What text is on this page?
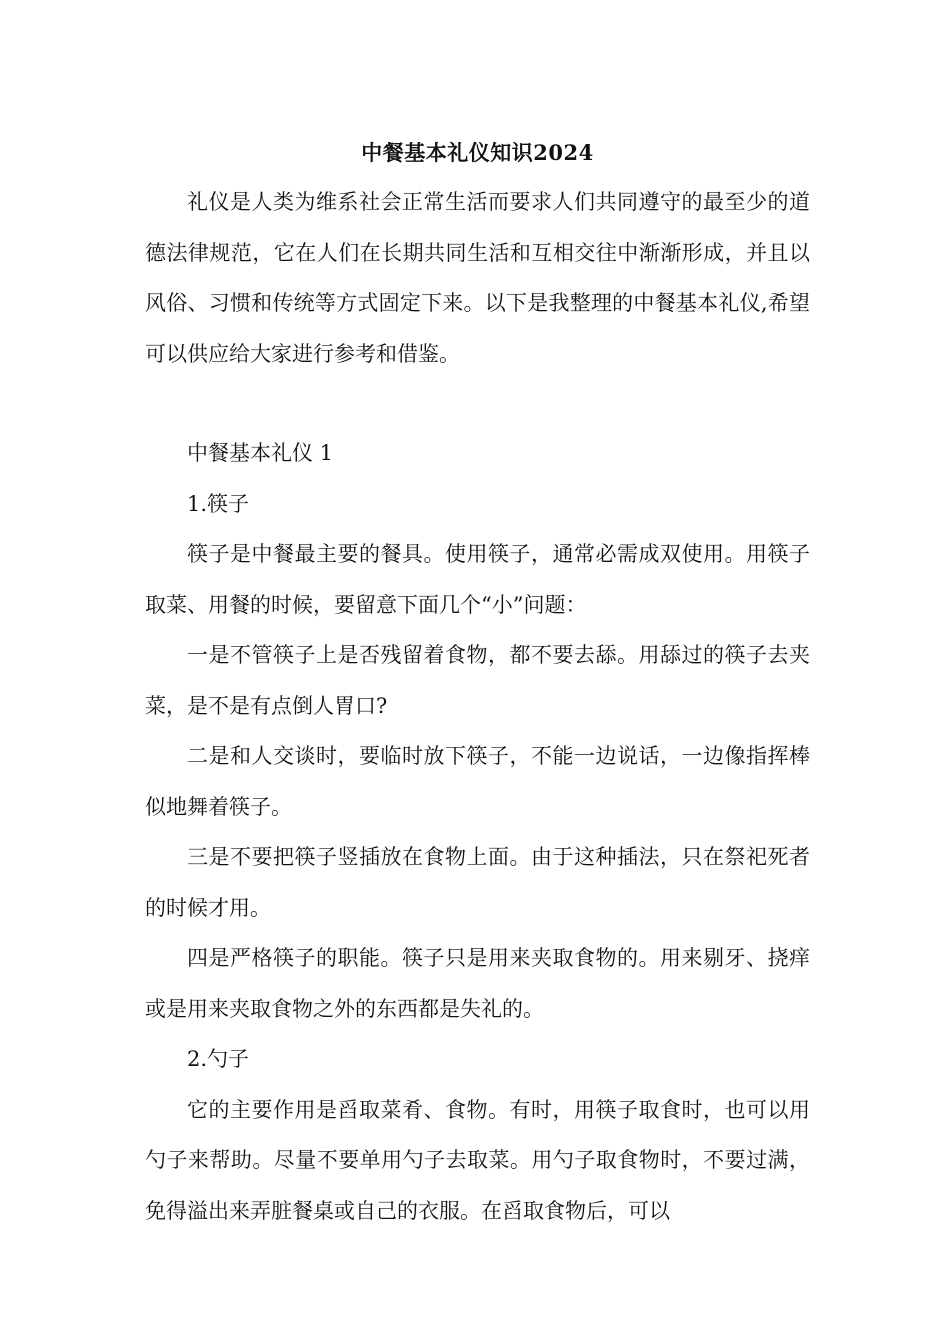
中餐基本礼仪知识2024

礼仪是人类为维系社会正常生活而要求人们共同遵守的最至少的道德法律规范，它在人们在长期共同生活和互相交往中渐渐形成，并且以风俗、习惯和传统等方式固定下来。以下是我整理的中餐基本礼仪,希望可以供应给大家进行参考和借鉴。

中餐基本礼仪 1

1.筷子

筷子是中餐最主要的餐具。使用筷子，通常必需成双使用。用筷子取菜、用餐的时候，要留意下面几个“小”问题：

一是不管筷子上是否残留着食物，都不要去舔。用舔过的筷子去夹菜，是不是有点倒人胃口?

二是和人交谈时，要临时放下筷子，不能一边说话，一边像指挥棒似地舞着筷子。

三是不要把筷子竖插放在食物上面。由于这种插法，只在祭祀死者的时候才用。

四是严格筷子的职能。筷子只是用来夹取食物的。用来剔牙、挠痒或是用来夹取食物之外的东西都是失礼的。

2.勺子

它的主要作用是舀取菜肴、食物。有时，用筷子取食时，也可以用勺子来帮助。尽量不要单用勺子去取菜。用勺子取食物时，不要过满，免得溢出来弄脏餐桌或自己的衣服。在舀取食物后，可以
